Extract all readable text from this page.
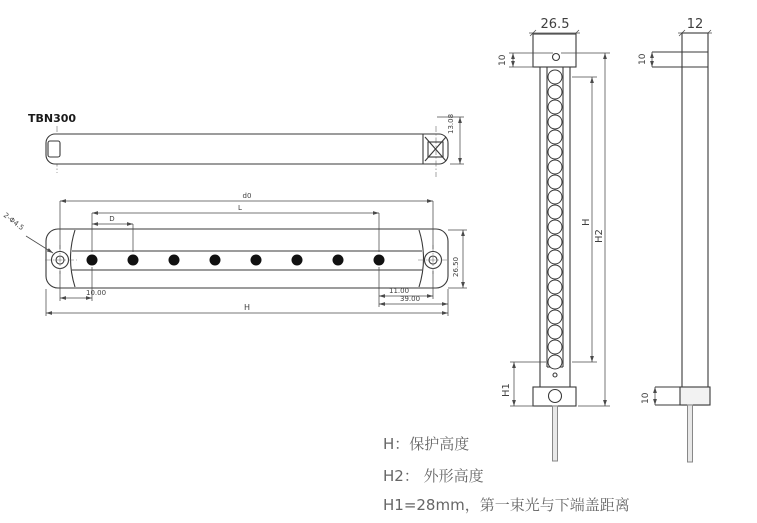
TBN300	13.08
2-Φ4.5
d0
L
D
10.00	11.00
39.00
H
26.50
26.5
10
H
H2
H1
12
10
10
H：保护高度
H2： 外形高度
H1=28mm，第一束光与下端盖距离
